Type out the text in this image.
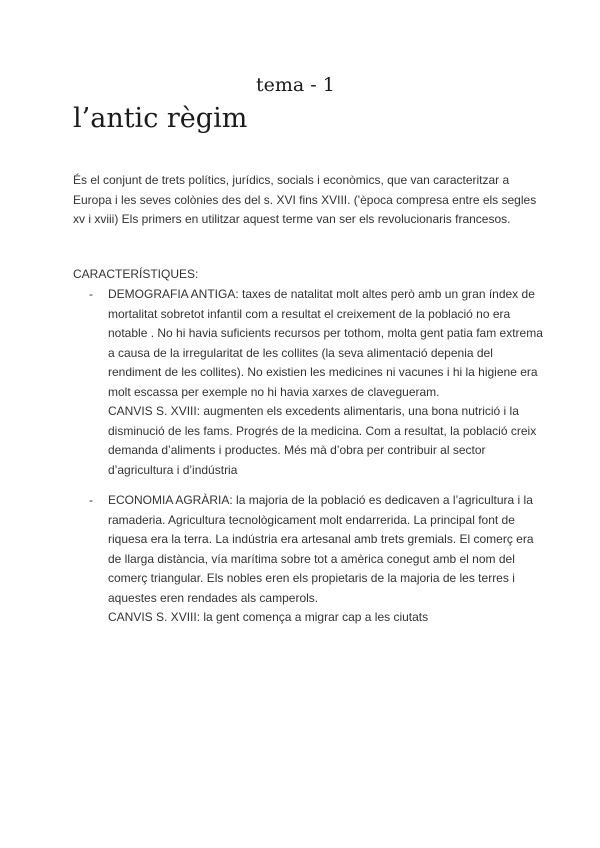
tema - 1
l’antic règim

És el conjunt de trets polítics, jurídics, socials i econòmics, que van caracteritzar a Europa i les seves colònies des del s. XVI fins XVIII. ('època compresa entre els segles xv i xviii) Els primers en utilitzar aquest terme van ser els revolucionaris francesos.

CARACTERÍSTIQUES:
- DEMOGRAFIA ANTIGA: taxes de natalitat molt altes però amb un gran índex de mortalitat sobretot infantil com a resultat el creixement de la població no era notable . No hi havia suficients recursos per tothom, molta gent patia fam extrema a causa de la irregularitat de les collites (la seva alimentació depenia del rendiment de les collites). No existien les medicines ni vacunes i hi la higiene era molt escassa per exemple no hi havia xarxes de clavegueram.

CANVIS S. XVIII: augmenten els excedents alimentaris, una bona nutrició i la disminució de les fams. Progrés de la medicina. Com a resultat, la població creix demanda d’aliments i productes. Més mà d’obra per contribuir al sector d’agricultura i d’indústria

- ECONOMIA AGRÀRIA: la majoria de la població es dedicaven a l’agricultura i la ramaderia. Agricultura tecnològicament molt endarrerida. La principal font de riquesa era la terra. La indústria era artesanal amb trets gremials. El comerç era de llarga distància, vía marítima sobre tot a amèrica conegut amb el nom del comerç triangular. Els nobles eren els propietaris de la majoria de les terres i aquestes eren rendades als camperols.

CANVIS S. XVIII: la gent comença a migrar cap a les ciutats
